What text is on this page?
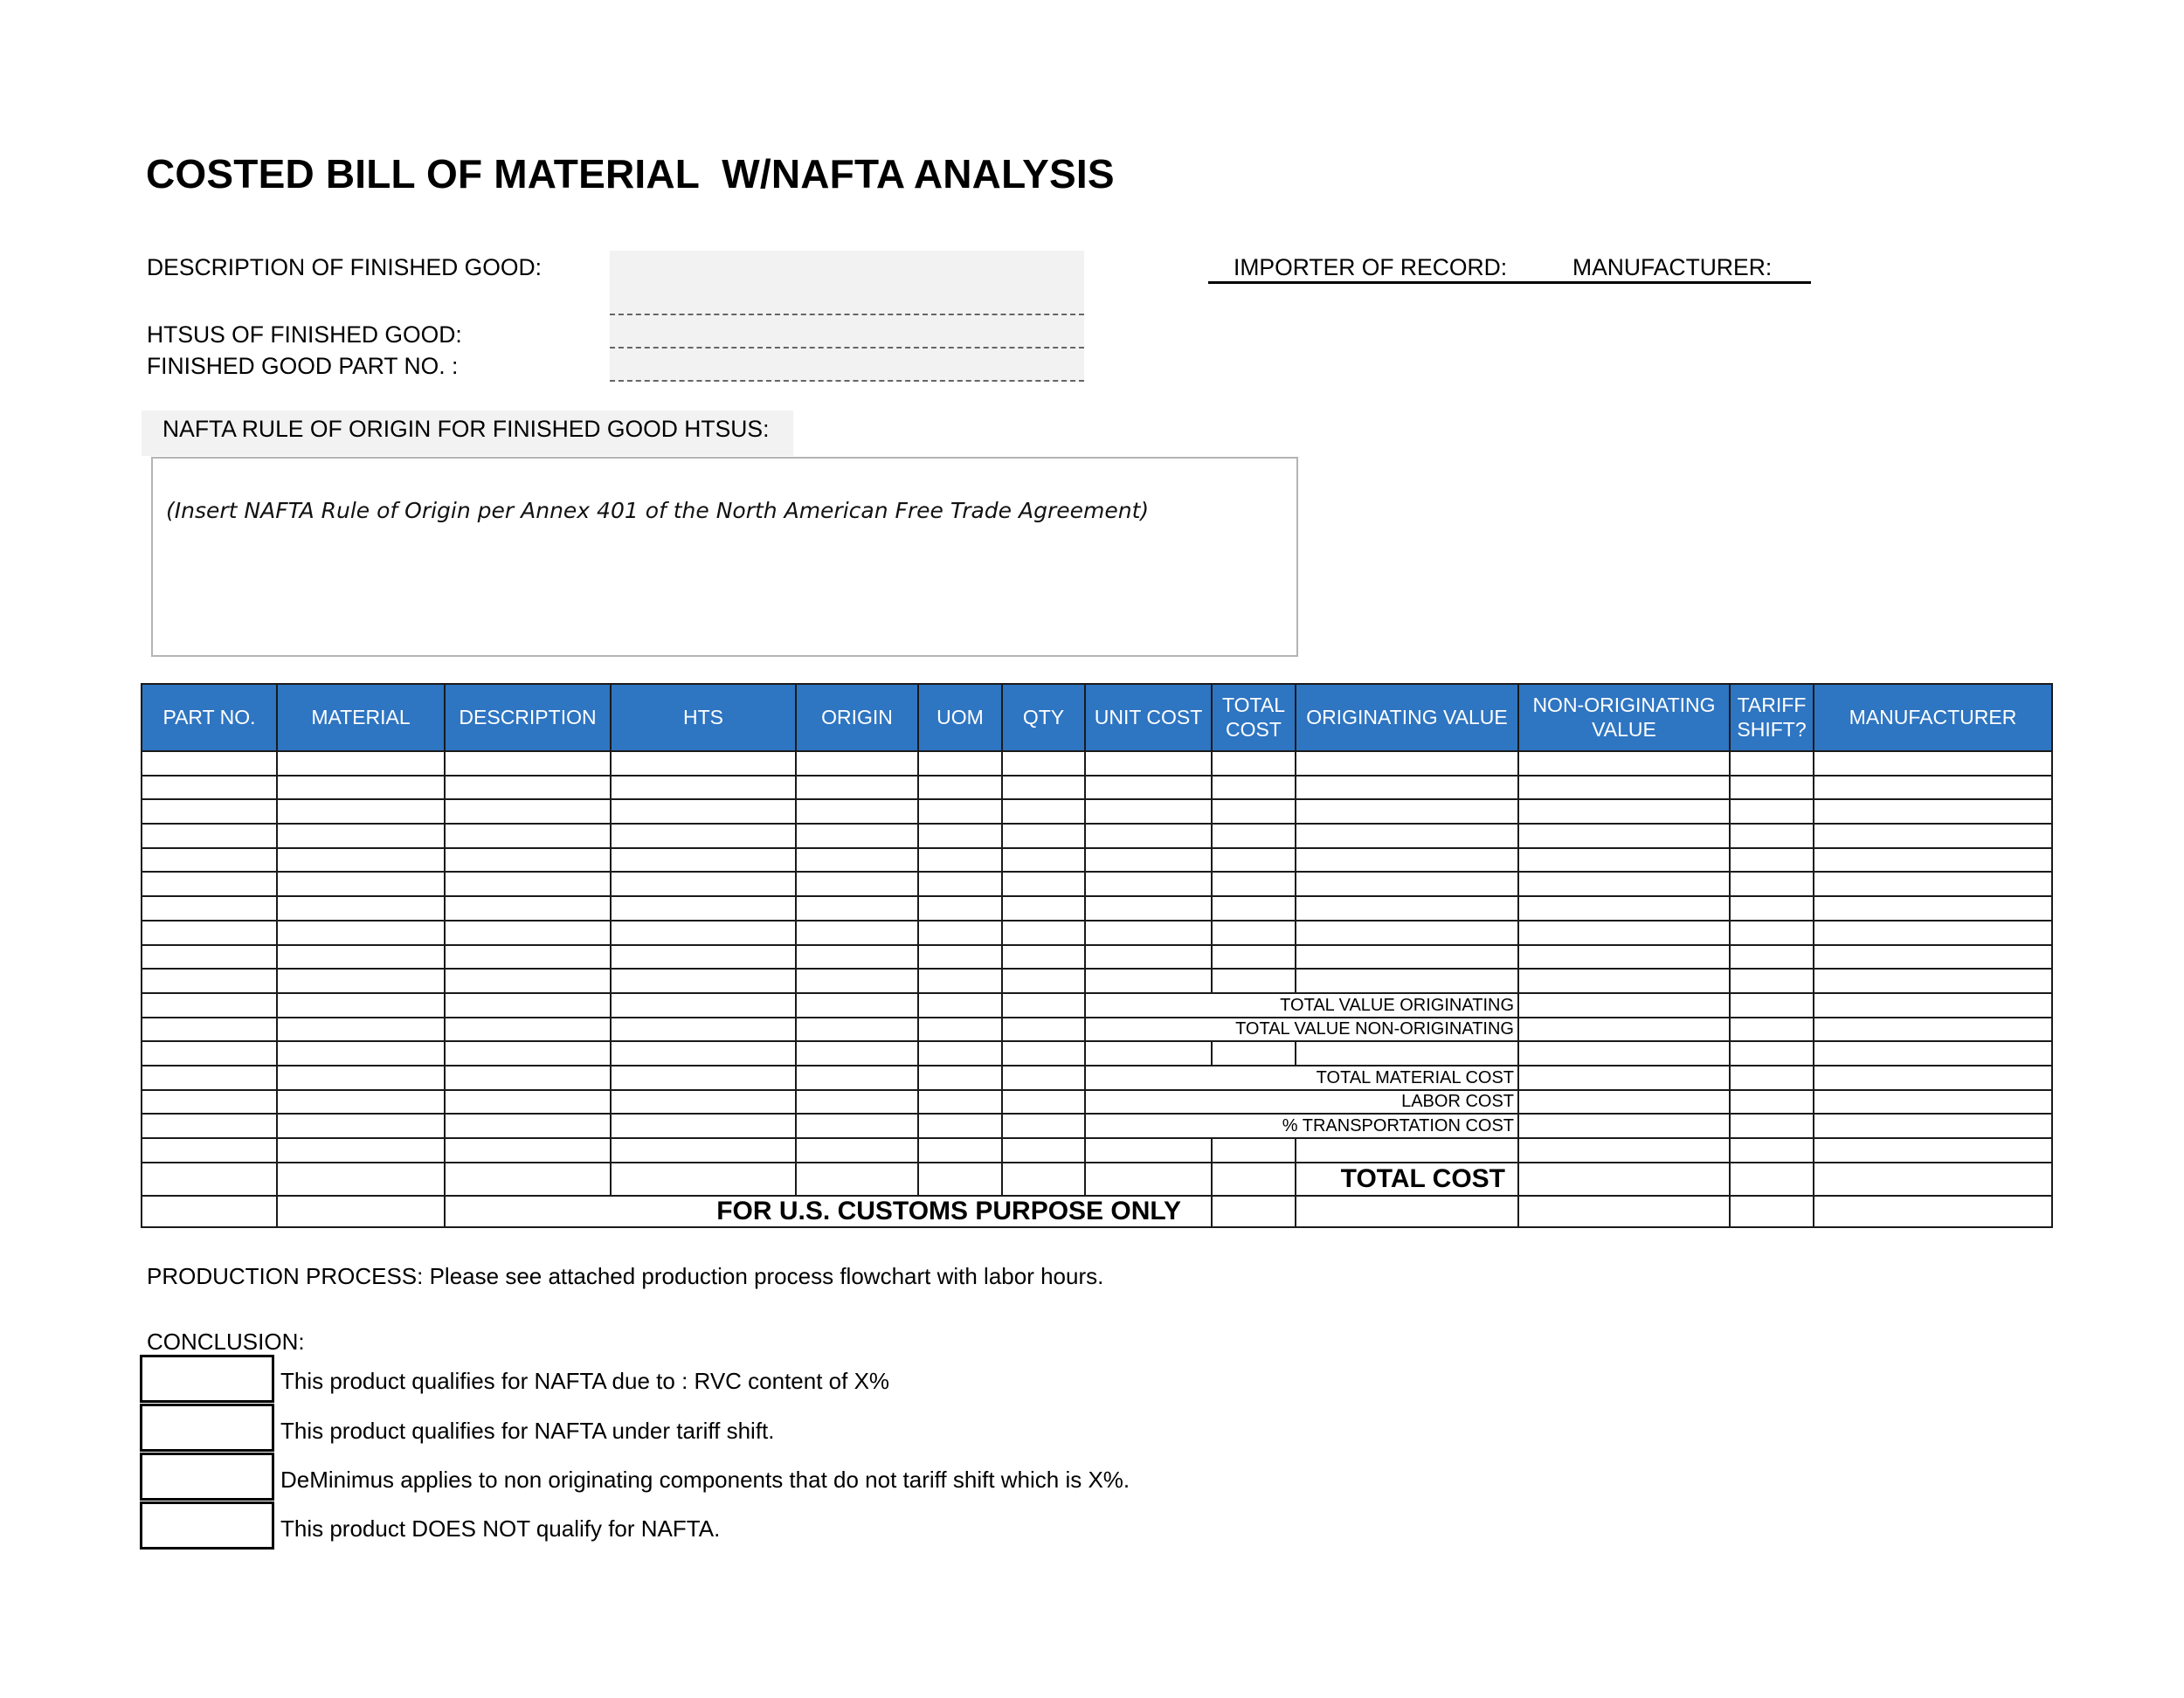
COSTED BILL OF MATERIAL  W/NAFTA ANALYSIS
DESCRIPTION OF FINISHED GOOD:
HTSUS OF FINISHED GOOD:
FINISHED GOOD PART NO. :
IMPORTER OF RECORD:	MANUFACTURER:
NAFTA RULE OF ORIGIN FOR FINISHED GOOD HTSUS:
(Insert NAFTA Rule of Origin per Annex 401 of the North American Free Trade Agreement)
PART NO.	MATERIAL	DESCRIPTION	HTS	ORIGIN	UOM	QTY	UNIT COST	TOTAL COST	ORIGINATING VALUE	NON-ORIGINATING VALUE	TARIFF SHIFT?	MANUFACTURER

							TOTAL VALUE ORIGINATING					
							TOTAL VALUE NON-ORIGINATING					

							TOTAL MATERIAL COST					
							LABOR COST					
							% TRANSPORTATION COST					

									TOTAL COST			
		FOR U.S. CUSTOMS PURPOSE ONLY										
PRODUCTION PROCESS: Please see attached production process flowchart with labor hours.
CONCLUSION:
This product qualifies for NAFTA due to : RVC content of X%
This product qualifies for NAFTA under tariff shift.
DeMinimus applies to non originating components that do not tariff shift which is X%.
This product DOES NOT qualify for NAFTA.
